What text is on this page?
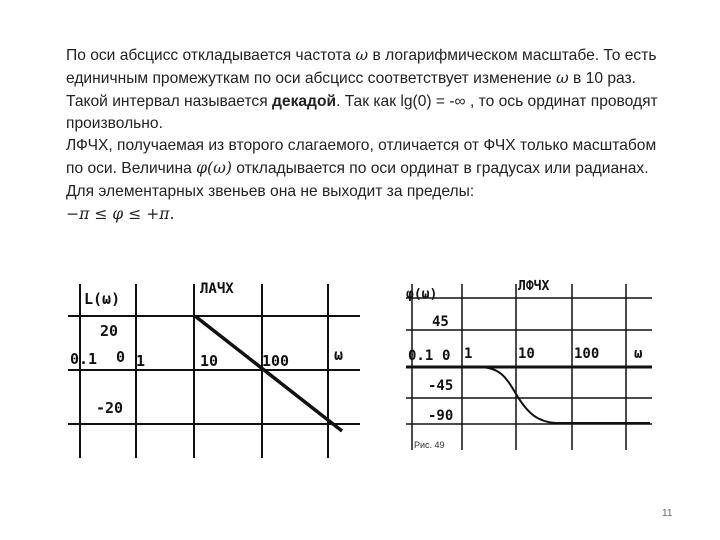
По оси абсцисс откладывается частота ω в логарифмическом масштабе. То есть единичным промежуткам по оси абсцисс соответствует изменение ω в 10 раз. Такой интервал называется декадой. Так как lg(0) = -∞ , то ось ординат проводят произвольно.

ЛФЧХ, получаемая из второго слагаемого, отличается от ФЧХ только масштабом по оси. Величина φ(ω) откладывается по оси ординат в градусах или радианах. Для элементарных звеньев она не выходит за пределы:
−π ≤ φ ≤ +π.

L(ω)
ЛАЧХ
20
0
-20
0.1	1	10	100	ω
φ(ω)
ЛФЧХ
45
0
-45
-90
0.1 1	10	100 ω
Рис. 49
11
